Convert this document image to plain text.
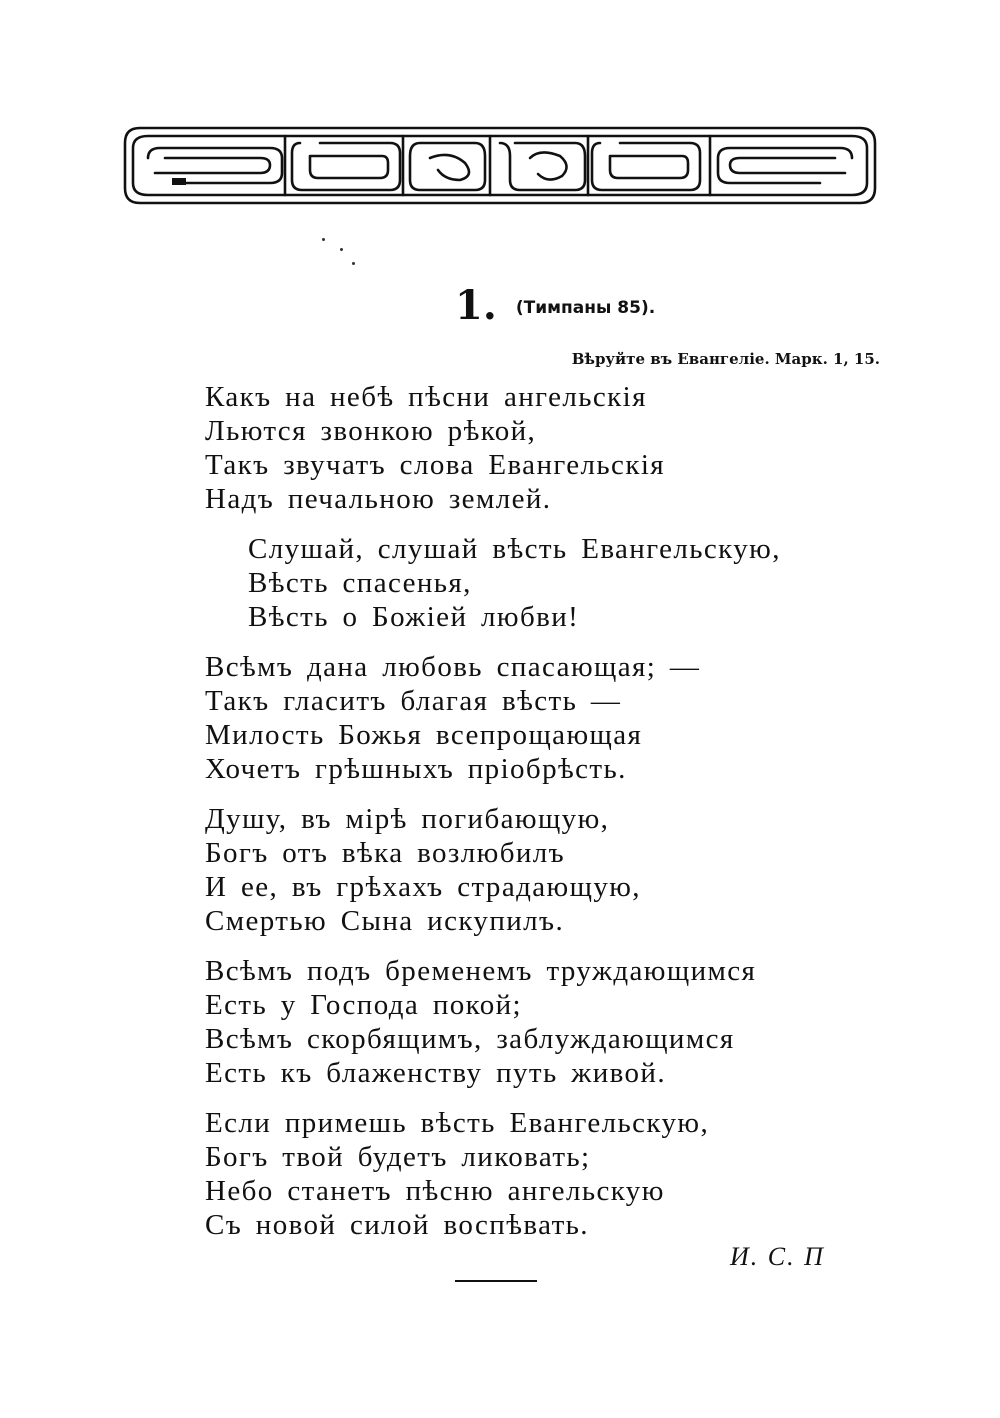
1. (Тимпаны 85).
Вѣруйте въ Евангеліе. Марк. 1, 15.
Какъ на небѣ пѣсни ангельскія
Льются звонкою рѣкой,
Такъ звучатъ слова Евангельскія
Надъ печальною землей.
Слушай, слушай вѣсть Евангельскую,
Вѣсть спасенья,
Вѣсть о Божіей любви!
Всѣмъ дана любовь спасающая; —
Такъ гласитъ благая вѣсть —
Милость Божья всепрощающая
Хочетъ грѣшныхъ пріобрѣсть.
Душу, въ мірѣ погибающую,
Богъ отъ вѣка возлюбилъ
И ее, въ грѣхахъ страдающую,
Смертью Сына искупилъ.
Всѣмъ подъ бременемъ труждающимся
Есть у Господа покой;
Всѣмъ скорбящимъ, заблуждающимся
Есть къ блаженству путь живой.
Если примешь вѣсть Евангельскую,
Богъ твой будетъ ликовать;
Небо станетъ пѣсню ангельскую
Съ новой силой воспѣвать.
И. С. П
